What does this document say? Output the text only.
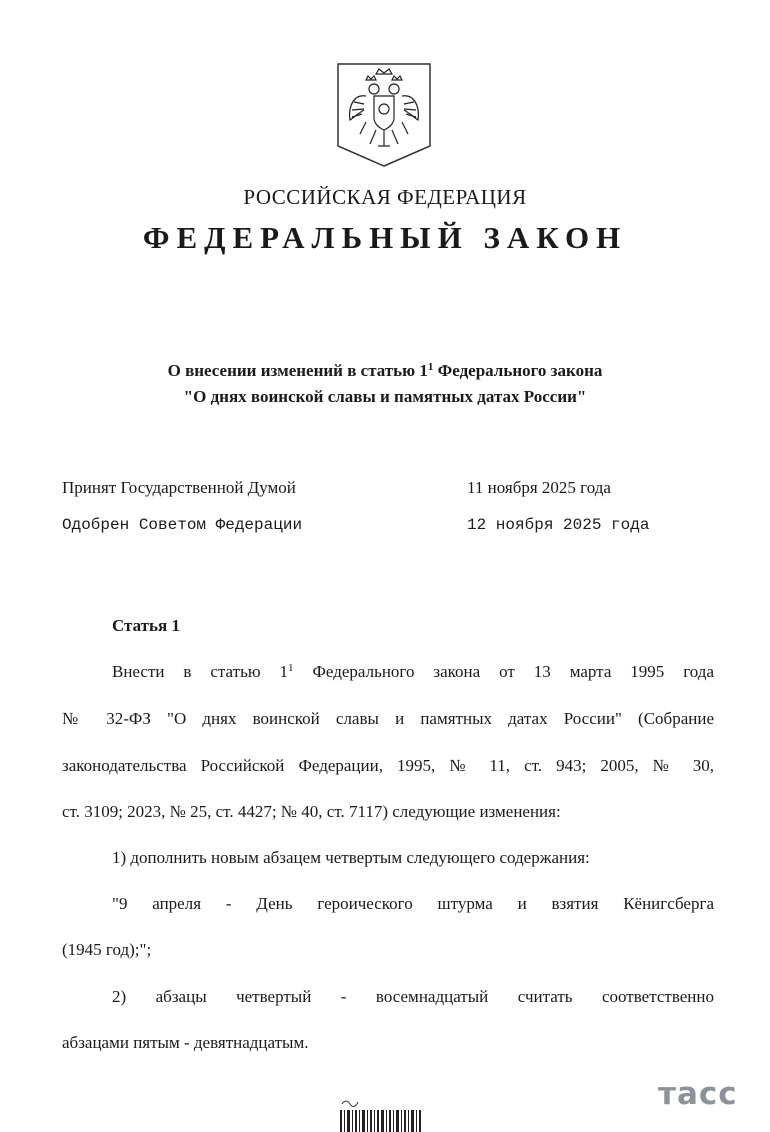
РОССИЙСКАЯ ФЕДЕРАЦИЯ
ФЕДЕРАЛЬНЫЙ ЗАКОН
О внесении изменений в статью $1^1$ Федерального закона
"О днях воинской славы и памятных датах России"
Принят Государственной Думой	11 ноября 2025 года
Одобрен Советом Федерации	12 ноября 2025 года
Статья 1
Внести в статью $1^1$ Федерального закона от 13 марта 1995 года
№ 32-ФЗ "О днях воинской славы и памятных датах России" (Собрание
законодательства Российской Федерации, 1995, № 11, ст. 943; 2005, № 30,
ст. 3109; 2023, № 25, ст. 4427; № 40, ст. 7117) следующие изменения:
1) дополнить новым абзацем четвертым следующего содержания:
"9 апреля - День героического штурма и взятия Кёнигсберга
(1945 год);";
2) абзацы четвертый - восемнадцатый считать соответственно
абзацами пятым - девятнадцатым.
тасс
